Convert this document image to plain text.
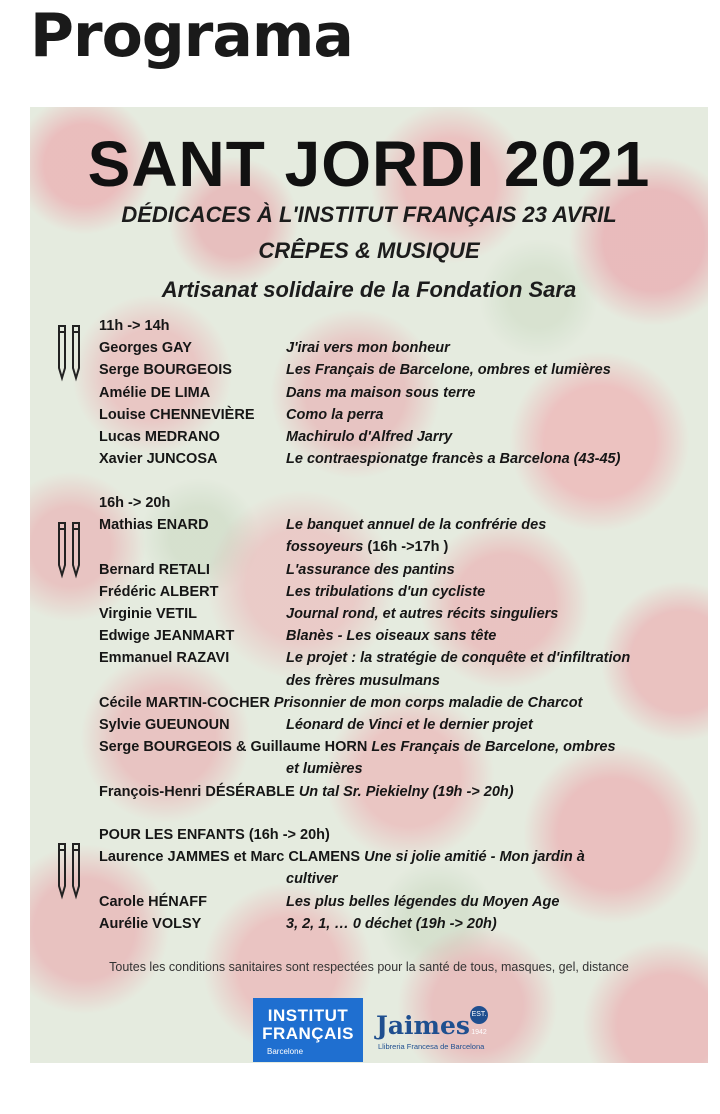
Programa
SANT JORDI 2021
DÉDICACES À L'INSTITUT FRANÇAIS 23 AVRIL
CRÊPES & MUSIQUE
Artisanat solidaire de la Fondation Sara
11h -> 14h
Georges GAY	J'irai vers mon bonheur
Serge BOURGEOIS	Les Français de Barcelone, ombres et lumières
Amélie DE LIMA	Dans ma maison sous terre
Louise CHENNEVIÈRE	Como la perra
Lucas MEDRANO	Machirulo d'Alfred Jarry
Xavier JUNCOSA	Le contraespionatge francès a Barcelona (43-45)
16h -> 20h
Mathias ENARD	Le banquet annuel de la confrérie des
fossoyeurs (16h ->17h )
Bernard RETALI	L'assurance des pantins
Frédéric ALBERT	Les tribulations d'un cycliste
Virginie VETIL	Journal rond, et autres récits singuliers
Edwige JEANMART	Blanès - Les oiseaux sans tête
Emmanuel RAZAVI	Le projet : la stratégie de conquête et d'infiltration
des frères musulmans
Cécile MARTIN-COCHER Prisonnier de mon corps maladie de Charcot
Sylvie GUEUNOUN	Léonard de Vinci et le dernier projet
Serge BOURGEOIS & Guillaume HORN Les Français de Barcelone, ombres
et lumières
François-Henri DÉSÉRABLE Un tal Sr. Piekielny (19h -> 20h)
POUR LES ENFANTS (16h -> 20h)
Laurence JAMMES et Marc CLAMENS Une si jolie amitié - Mon jardin à
cultiver
Carole HÉNAFF	Les plus belles légendes du Moyen Age
Aurélie VOLSY	3, 2, 1, … 0 déchet (19h -> 20h)
Toutes les conditions sanitaires sont respectées pour la santé de tous, masques, gel, distance
INSTITUT
FRANÇAIS
Barcelone
Jaimes
Llibreria Francesa de Barcelona
EST. 1942
